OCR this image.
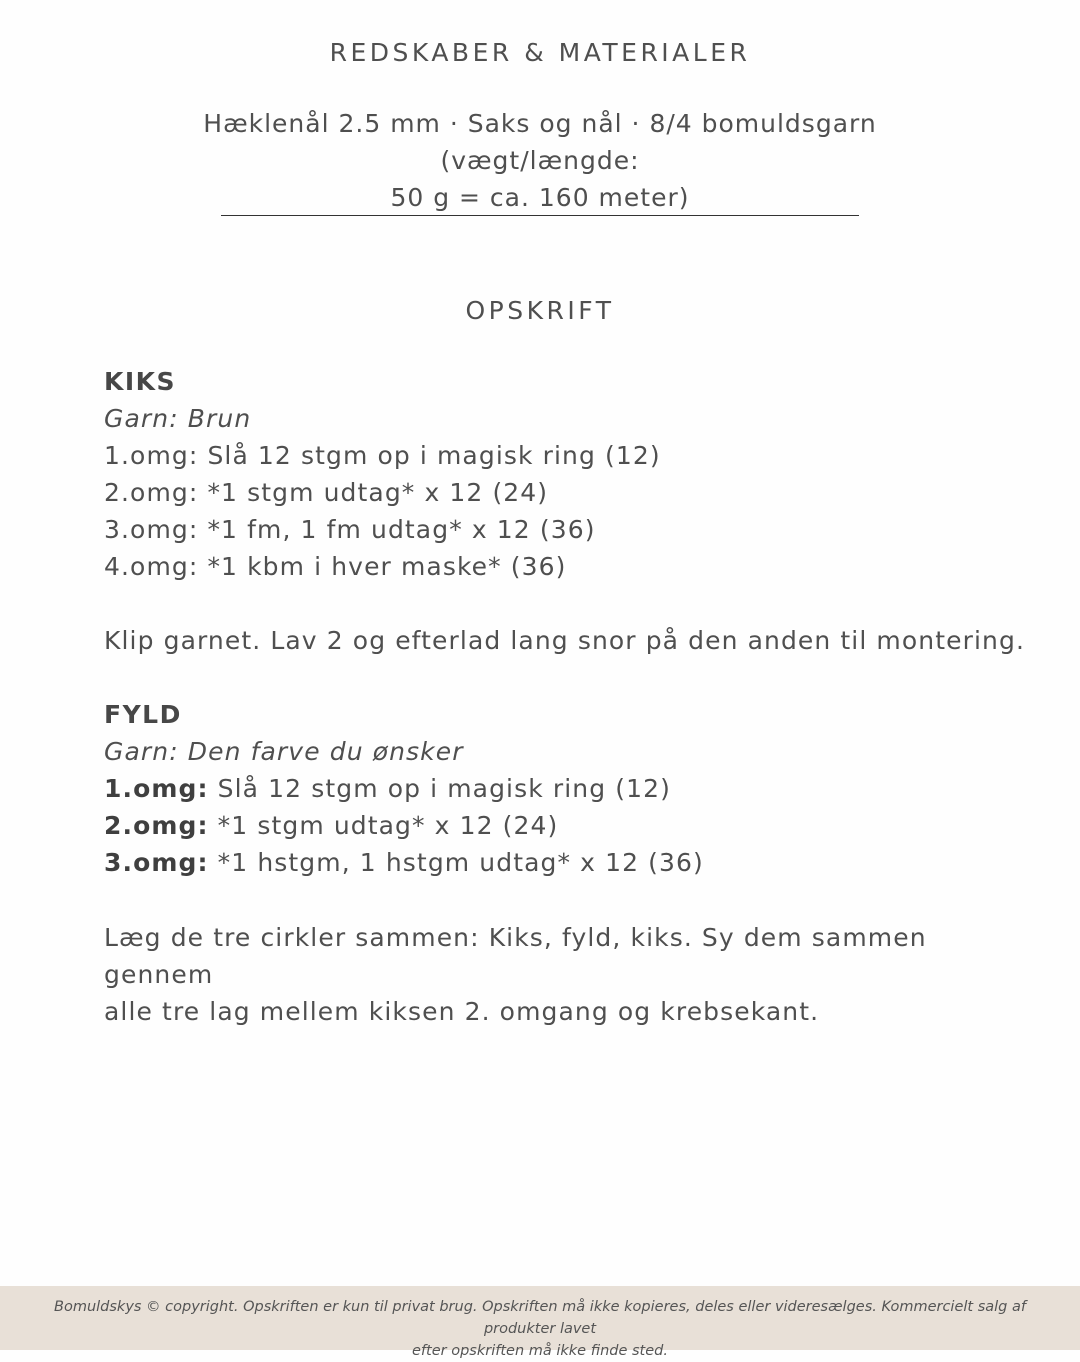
REDSKABER & MATERIALER
Hæklenål 2.5 mm · Saks og nål · 8/4 bomuldsgarn (vægt/længde:
50 g = ca. 160 meter)
OPSKRIFT

KIKS

Garn: Brun

1.omg: Slå 12 stgm op i magisk ring (12)

2.omg: *1 stgm udtag* x 12 (24)

3.omg: *1 fm, 1 fm udtag* x 12 (36)

4.omg: *1 kbm i hver maske* (36)

Klip garnet. Lav 2 og efterlad lang snor på den anden til montering.

FYLD

Garn: Den farve du ønsker

1.omg: Slå 12 stgm op i magisk ring (12)

2.omg: *1 stgm udtag* x 12 (24)

3.omg: *1 hstgm, 1 hstgm udtag* x 12 (36)

Læg de tre cirkler sammen: Kiks, fyld, kiks. Sy dem sammen gennem

alle tre lag mellem kiksen 2. omgang og krebsekant.

Bomuldskys © copyright. Opskriften er kun til privat brug. Opskriften må ikke kopieres, deles eller videresælges. Kommercielt salg af produkter lavet
efter opskriften må ikke finde sted.
